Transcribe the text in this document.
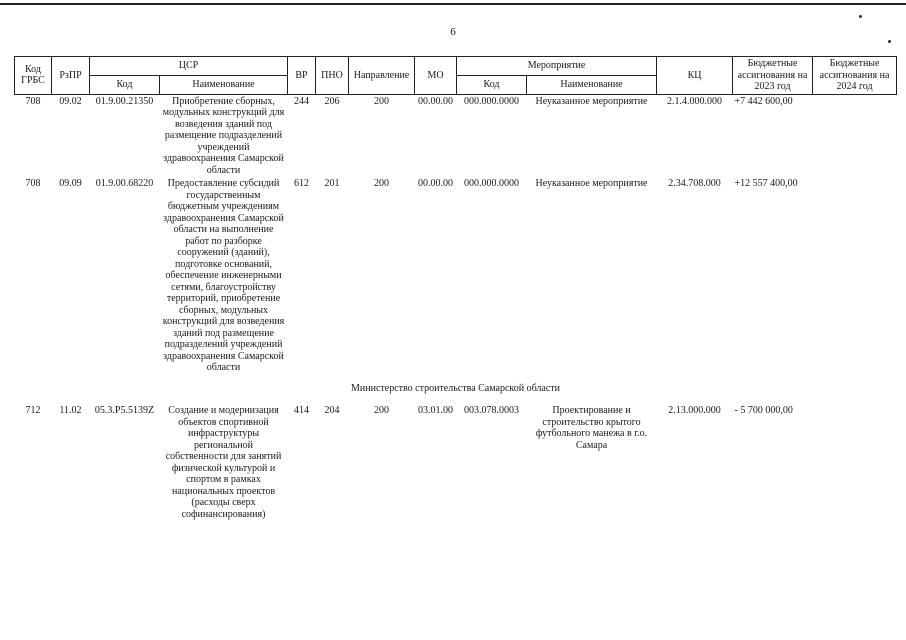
6
Код ГРБС	РзПР	ЦСР		ВР	ПНО	Направление	МО	Мероприятие		КЦ	Бюджетные ассигнования на 2023 год	Бюджетные ассигнования на 2024 год
		Код	Наименование					Код	Наименование			
708	09.02	01.9.00.21350	Приобретение сборных, модульных конструкций для возведения зданий под размещение подразделений учреждений здравоохранения Самарской области	244	206	200	00.00.00	000.000.0000	Неуказанное мероприятие	2.1.4.000.000	+7 442 600,00	
708	09.09	01.9.00.68220	Предоставление субсидий государственным бюджетным учреждениям здравоохранения Самарской области на выполнение работ по разборке сооружений (зданий), подготовке оснований, обеспечение инженерными сетями, благоустройству территорий, приобретение сборных, модульных конструкций для возведения зданий под размещение подразделений учреждений здравоохранения Самарской области	612	201	200	00.00.00	000.000.0000	Неуказанное мероприятие	2.34.708.000	+12 557 400,00	
Министерство строительства Самарской области												
712	11.02	05.3.P5.5139Z	Создание и модернизация объектов спортивной инфраструктуры региональной собственности для занятий физической культурой и спортом в рамках национальных проектов (расходы сверх софинансирования)	414	204	200	03.01.00	003.078.0003	Проектирование и строительство крытого футбольного манежа в г.о. Самара	2.13.000.000	- 5 700 000,00	
